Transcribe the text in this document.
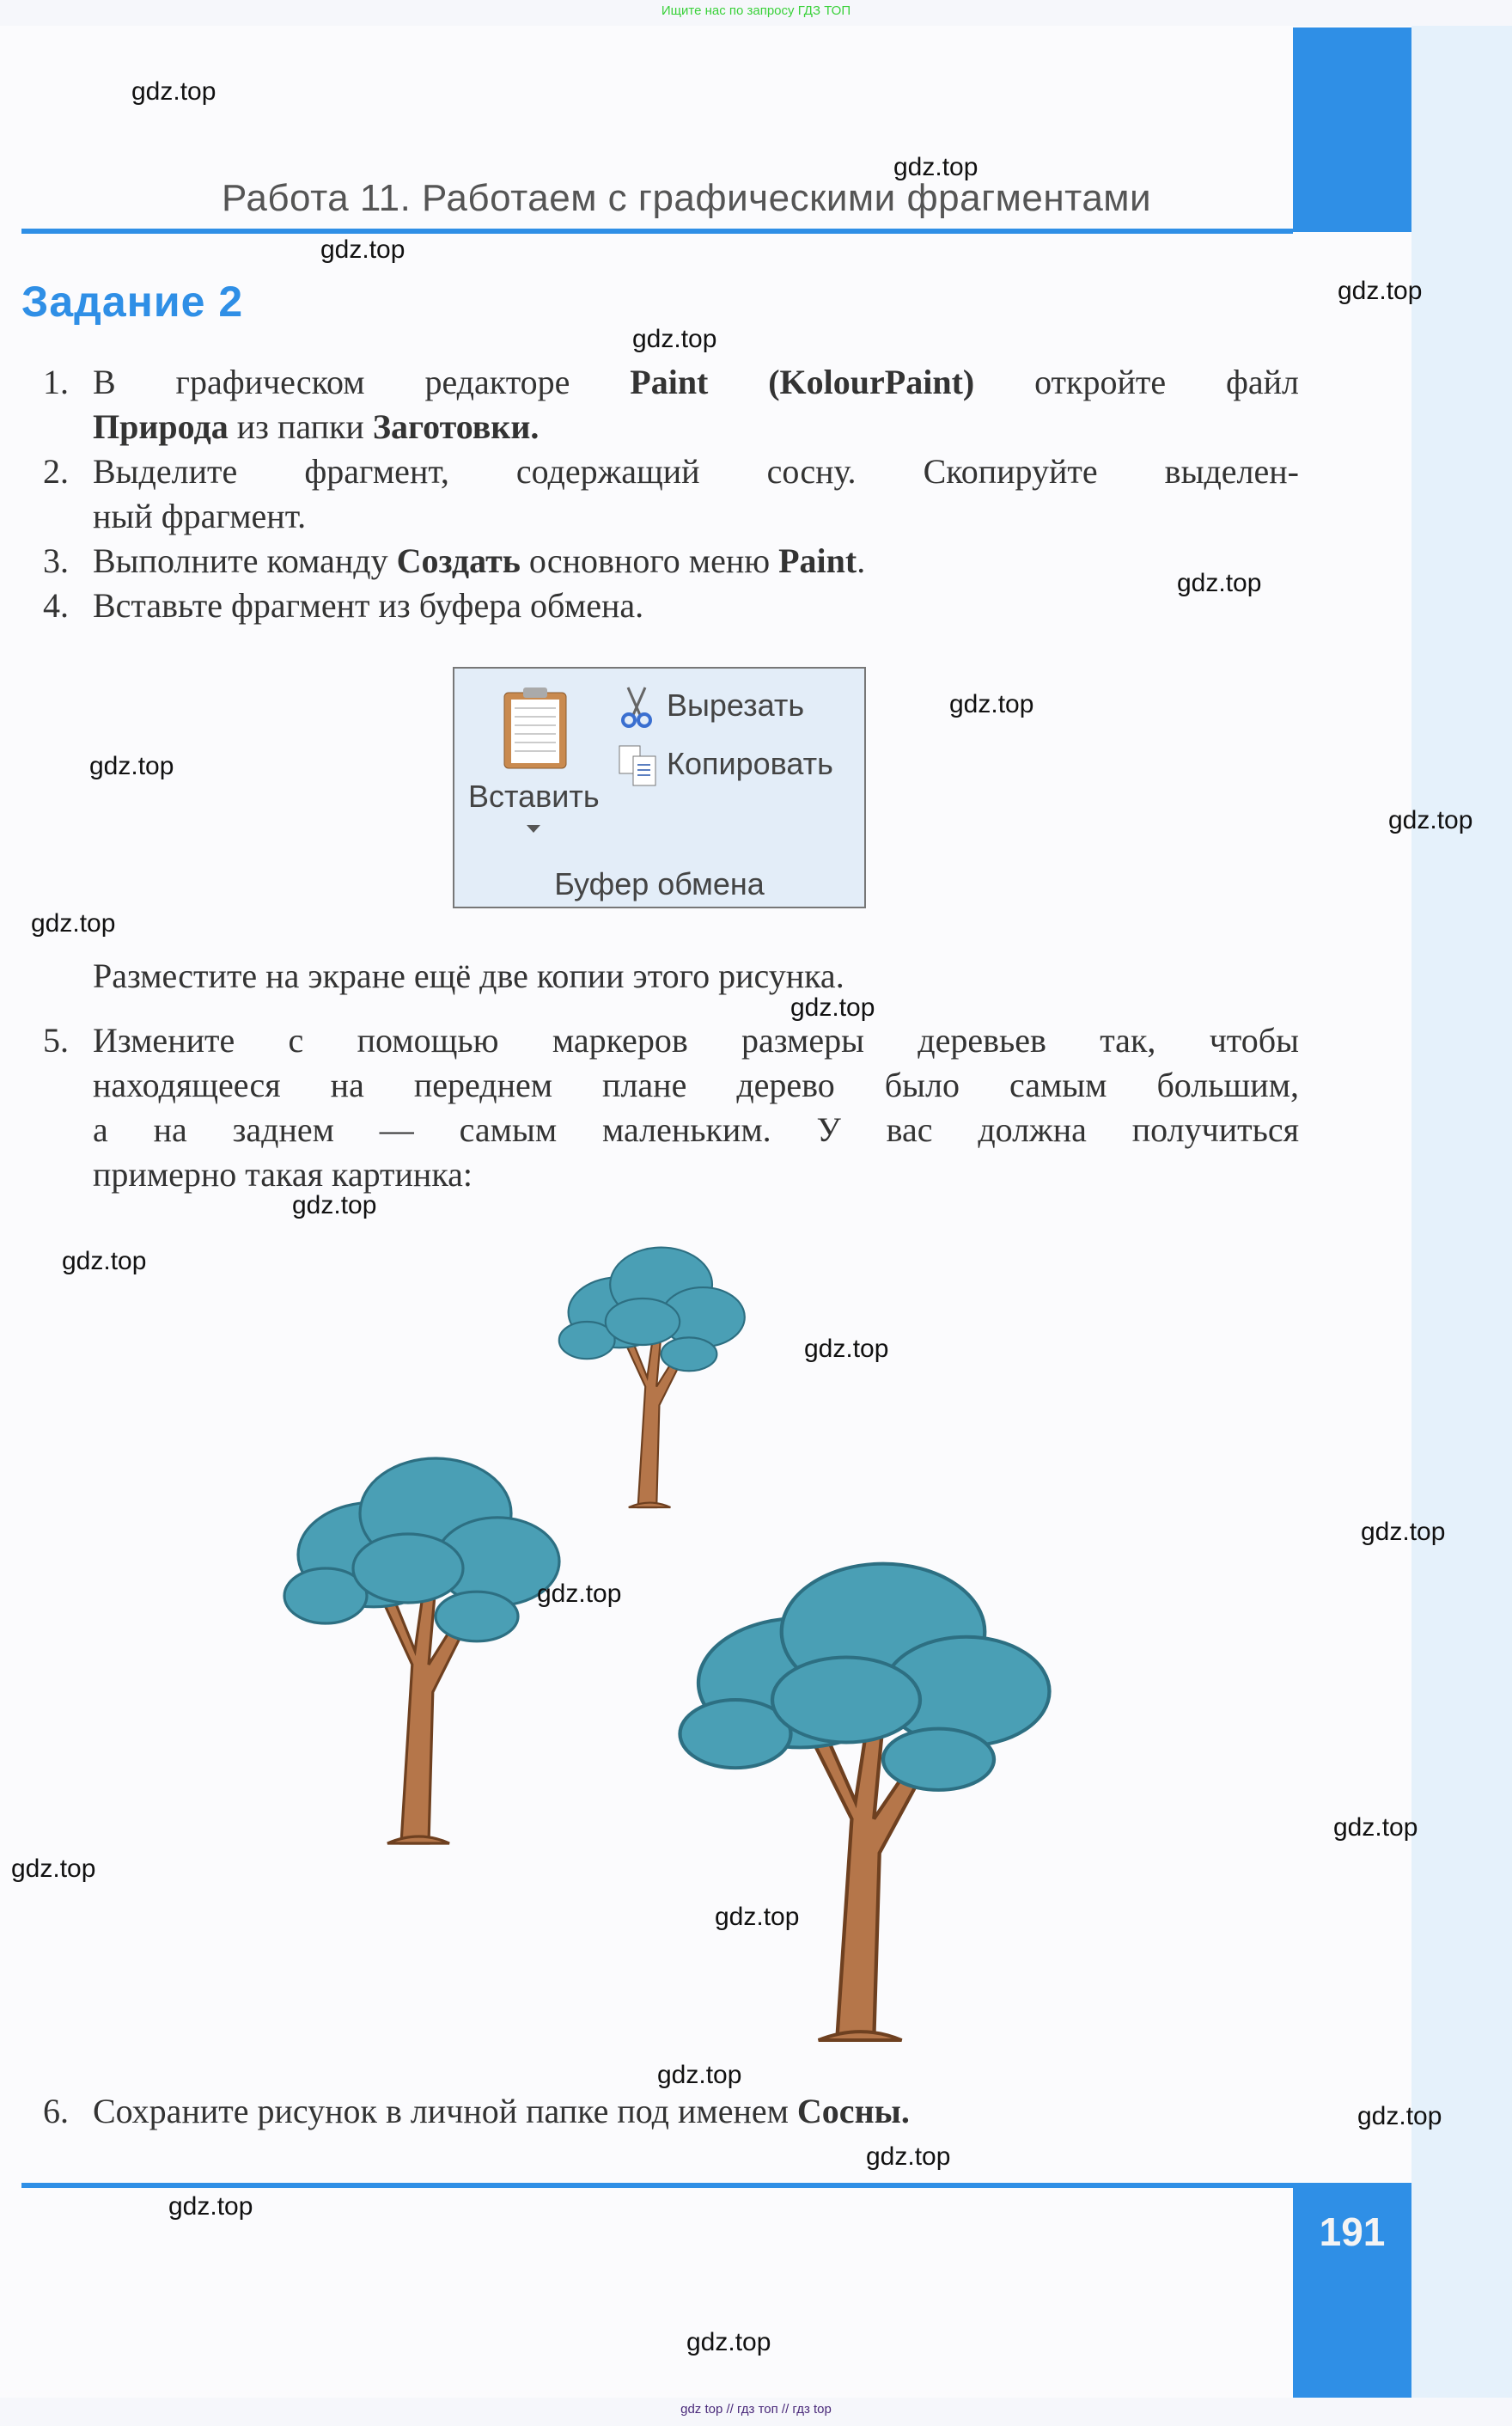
Ищите нас по запросу ГДЗ ТОП
Работа 11. Работаем с графическими фрагментами
Задание 2
1. В графическом редакторе Paint (KolourPaint) откройте файл
Природа из папки Заготовки.
2. Выделите фрагмент, содержащий сосну. Скопируйте выделен-
ный фрагмент.
3. Выполните команду Создать основного меню Paint.
4. Вставьте фрагмент из буфера обмена.
Вставить
Вырезать
Копировать
Буфер обмена
Разместите на экране ещё две копии этого рисунка.
5. Измените с помощью маркеров размеры деревьев так, чтобы
находящееся на переднем плане дерево было самым большим,
а на заднем — самым маленьким. У вас должна получиться
примерно такая картинка:
6. Сохраните рисунок в личной папке под именем Сосны.
191
gdz top // гдз топ // гдз top
gdz.top
gdz.top
gdz.top
gdz.top
gdz.top
gdz.top
gdz.top
gdz.top
gdz.top
gdz.top
gdz.top
gdz.top
gdz.top
gdz.top
gdz.top
gdz.top
gdz.top
gdz.top
gdz.top
gdz.top
gdz.top
gdz.top
gdz.top
gdz.top
